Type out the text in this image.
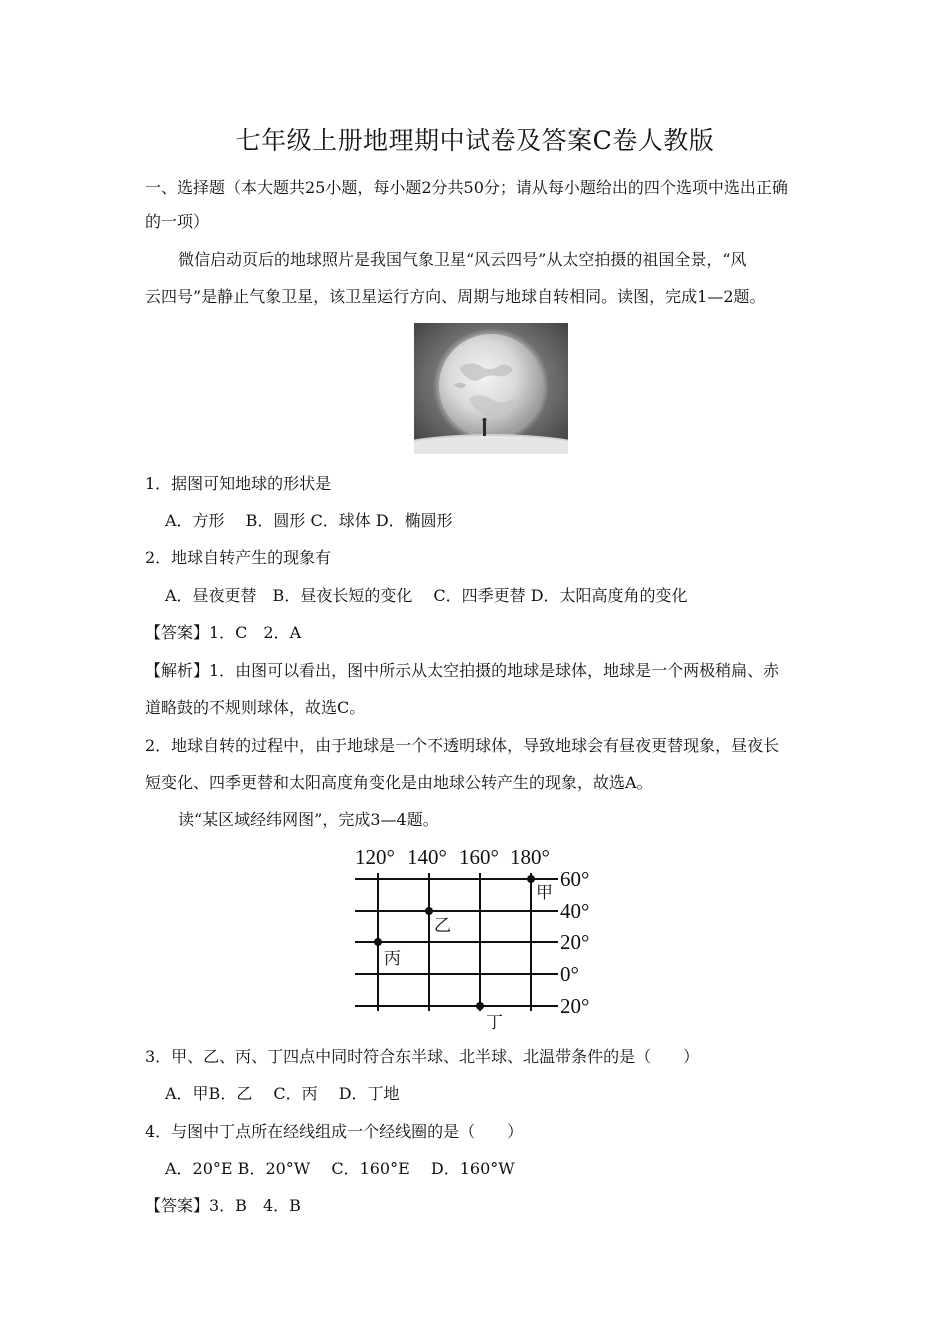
七年级上册地理期中试卷及答案C卷人教版
一、选择题（本大题共25小题，每小题2分共50分；请从每小题给出的四个选项中选出正确
的一项）
微信启动页后的地球照片是我国气象卫星“风云四号”从太空拍摄的祖国全景，“风
云四号”是静止气象卫星，该卫星运行方向、周期与地球自转相同。读图，完成1—2题。
1．据图可知地球的形状是
A．方形　 B．圆形 C．球体 D．椭圆形
2．地球自转产生的现象有
A．昼夜更替　B．昼夜长短的变化　 C．四季更替 D．太阳高度角的变化
【答案】1．C　2．A
【解析】1．由图可以看出，图中所示从太空拍摄的地球是球体，地球是一个两极稍扁、赤
道略鼓的不规则球体，故选C。
2．地球自转的过程中，由于地球是一个不透明球体，导致地球会有昼夜更替现象，昼夜长
短变化、四季更替和太阳高度角变化是由地球公转产生的现象，故选A。
读“某区域经纬网图”，完成3—4题。
120° 140° 160° 180°
60°
40°
20°
0°
20°
甲
乙
丙
丁
3．甲、乙、丙、丁四点中同时符合东半球、北半球、北温带条件的是（　　）
A．甲B．乙　 C．丙　 D．丁地
4．与图中丁点所在经线组成一个经线圈的是（　　）
A．20°E B．20°W　 C．160°E　 D．160°W
【答案】3．B　4．B
